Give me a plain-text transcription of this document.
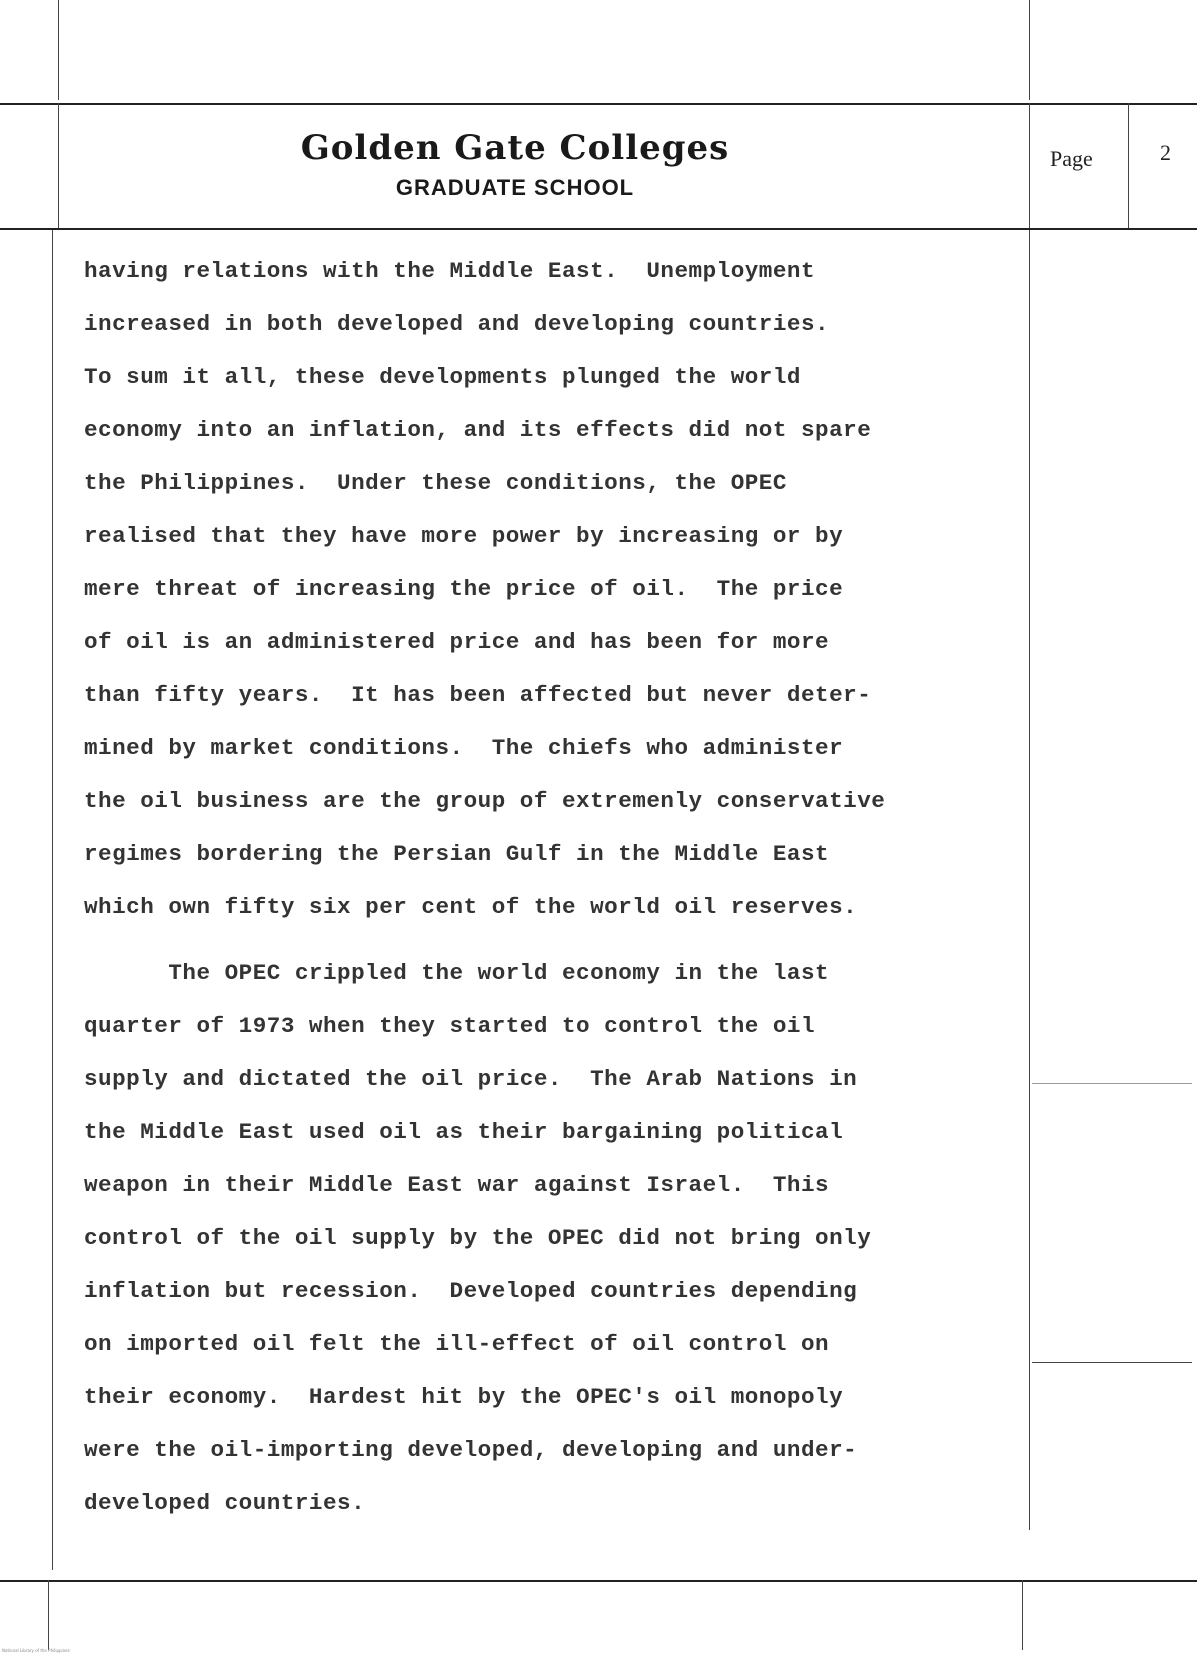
Golden Gate Colleges
GRADUATE SCHOOL
Page	2
having relations with the Middle East.  Unemployment
increased in both developed and developing countries.
To sum it all, these developments plunged the world
economy into an inflation, and its effects did not spare
the Philippines.  Under these conditions, the OPEC
realised that they have more power by increasing or by
mere threat of increasing the price of oil.  The price
of oil is an administered price and has been for more
than fifty years.  It has been affected but never deter-
mined by market conditions.  The chiefs who administer
the oil business are the group of extremenly conservative
regimes bordering the Persian Gulf in the Middle East
which own fifty six per cent of the world oil reserves.
The OPEC crippled the world economy in the last
quarter of 1973 when they started to control the oil
supply and dictated the oil price.  The Arab Nations in
the Middle East used oil as their bargaining political
weapon in their Middle East war against Israel.  This
control of the oil supply by the OPEC did not bring only
inflation but recession.  Developed countries depending
on imported oil felt the ill-effect of oil control on
their economy.  Hardest hit by the OPEC's oil monopoly
were the oil-importing developed, developing and under-
developed countries.
National Library of the Philippines
